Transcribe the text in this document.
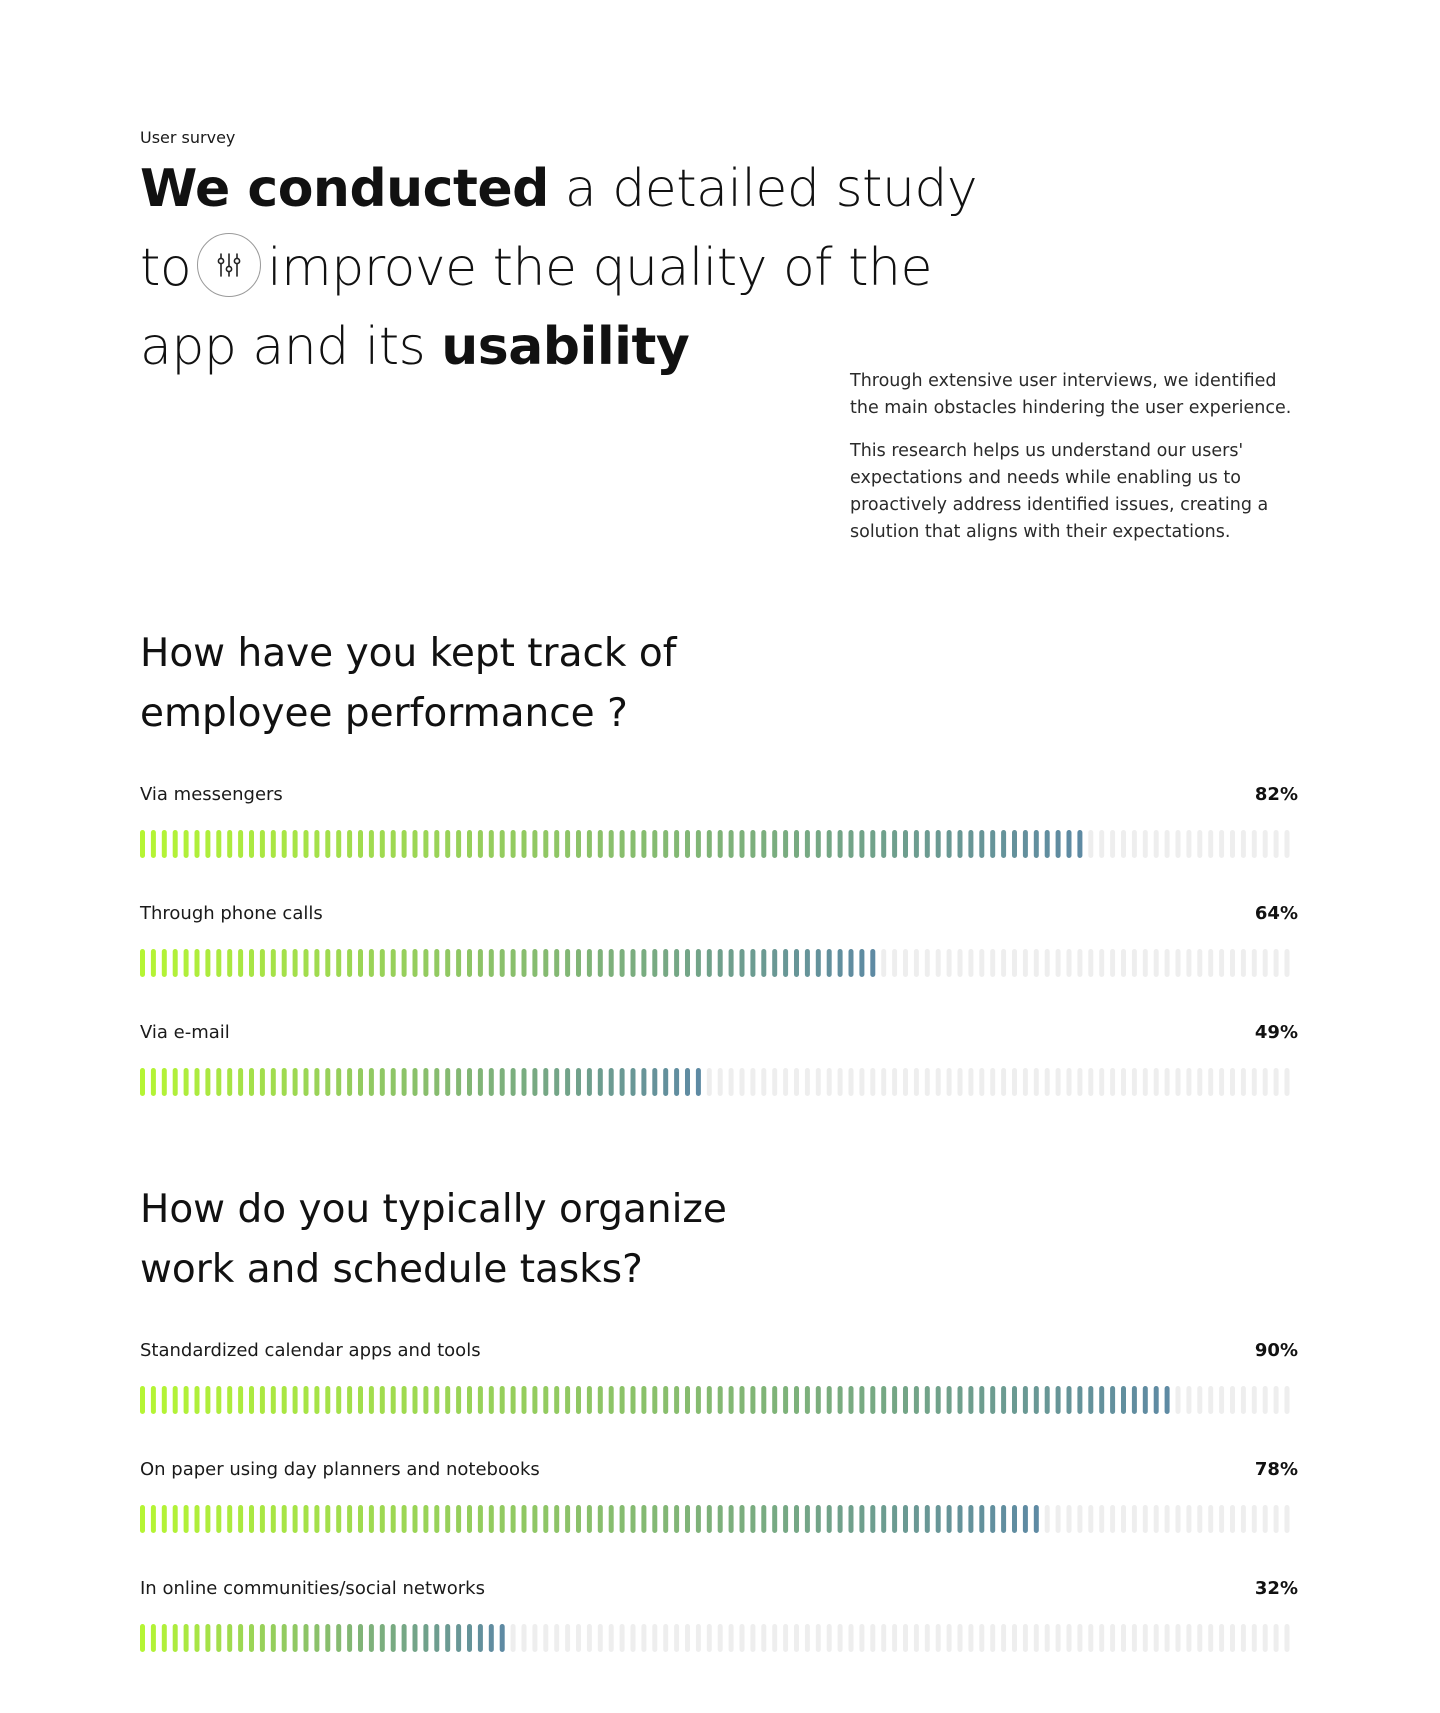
User survey
We conducted a detailed study
to improve the quality of the
app and its usability

Through extensive user interviews, we identified the main obstacles hindering the user experience.

This research helps us understand our users' expectations and needs while enabling us to proactively address identified issues, creating a solution that aligns with their expectations.

How have you kept track of
employee performance ?
Via messengers	82%
Through phone calls	64%
Via e-mail	49%
How do you typically organize
work and schedule tasks?
Standardized calendar apps and tools	90%
On paper using day planners and notebooks	78%
In online communities/social networks	32%
